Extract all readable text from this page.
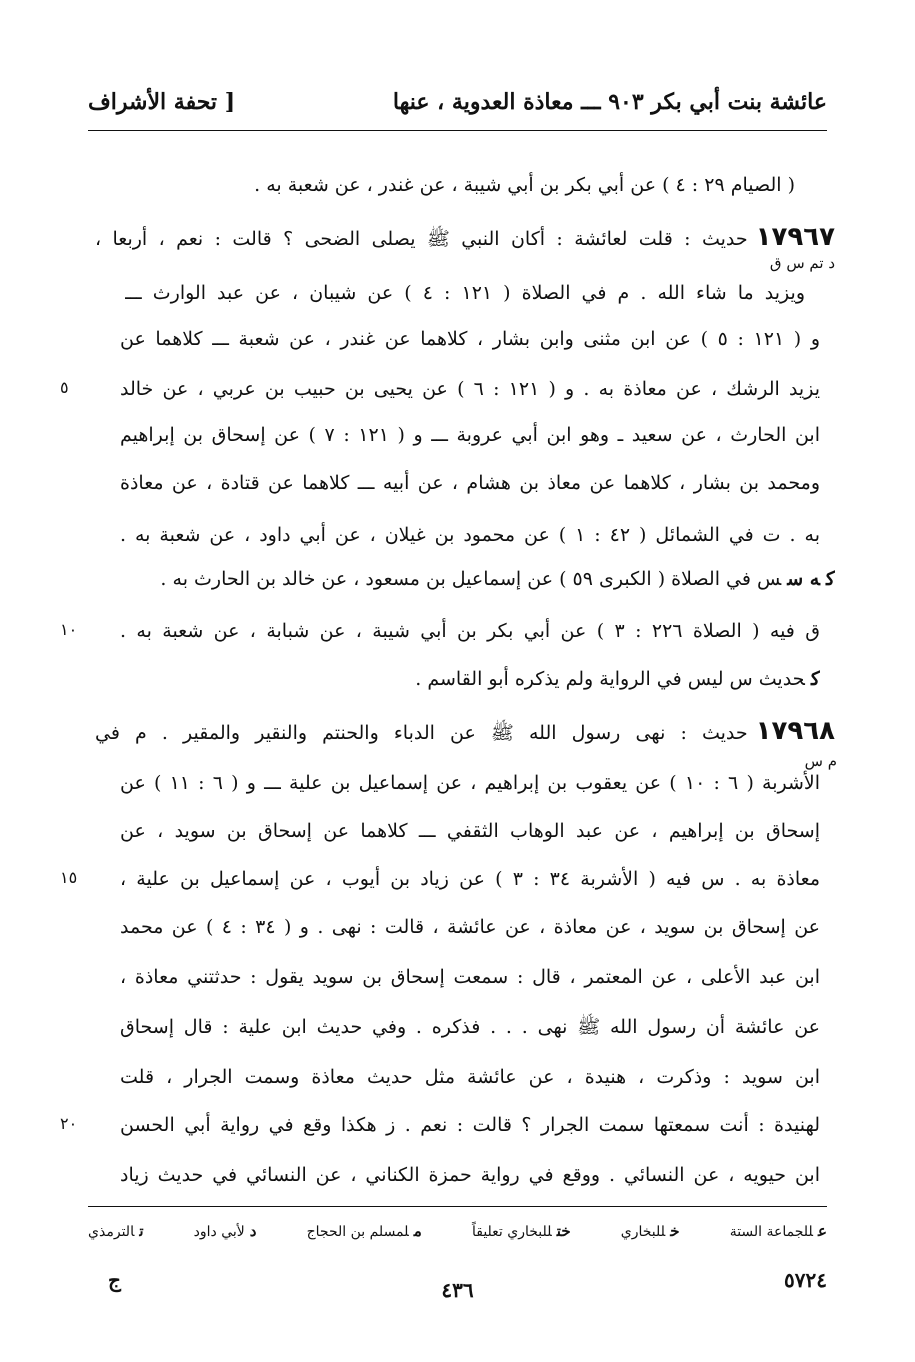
عائشة بنت أبي بكر ٩٠٣ ـــ معاذة العدوية ، عنها
[ تحفة الأشراف
( الصيام ٢٩ : ٤ ) عن أبي بكر بن أبي شيبة ، عن غندر ، عن شعبة به .
١٧٩٦٧حديث : قلت لعائشة : أكان النبي ﷺ يصلى الضحى ؟ قالت : نعم ، أربعا ،
د تم س ق
ويزيد ما شاء الله . م في الصلاة ( ١٢١ : ٤ ) عن شيبان ، عن عبد الوارث ـــ
و ( ١٢١ : ٥ ) عن ابن مثنى وابن بشار ، كلاهما عن غندر ، عن شعبة ـــ كلاهما عن
يزيد الرشك ، عن معاذة به . و ( ١٢١ : ٦ ) عن يحيى بن حبيب بن عربي ، عن خالد
٥
ابن الحارث ، عن سعيد ـ وهو ابن أبي عروبة ـــ و ( ١٢١ : ٧ ) عن إسحاق بن إبراهيم
ومحمد بن بشار ، كلاهما عن معاذ بن هشام ، عن أبيه ـــ كلاهما عن قتادة ، عن معاذة
به . ت في الشمائل ( ٤٢ : ١ ) عن محمود بن غيلان ، عن أبي داود ، عن شعبة به .
كه سس في الصلاة ( الكبرى ٥٩ ) عن إسماعيل بن مسعود ، عن خالد بن الحارث به .
ق فيه ( الصلاة ٢٢٦ : ٣ ) عن أبي بكر بن أبي شيبة ، عن شبابة ، عن شعبة به .
١٠
كحديث س ليس في الرواية ولم يذكره أبو القاسم .
١٧٩٦٨حديث : نهى رسول الله ﷺ عن الدباء والحنتم والنقير والمقير . م في
م س
الأشربة ( ٦ : ١٠ ) عن يعقوب بن إبراهيم ، عن إسماعيل بن علية ـــ و ( ٦ : ١١ ) عن
إسحاق بن إبراهيم ، عن عبد الوهاب الثقفي ـــ كلاهما عن إسحاق بن سويد ، عن
معاذة به . س فيه ( الأشربة ٣٤ : ٣ ) عن زياد بن أيوب ، عن إسماعيل بن علية ،
١٥
عن إسحاق بن سويد ، عن معاذة ، عن عائشة ، قالت : نهى . و ( ٣٤ : ٤ ) عن محمد
ابن عبد الأعلى ، عن المعتمر ، قال : سمعت إسحاق بن سويد يقول : حدثتني معاذة ،
عن عائشة أن رسول الله ﷺ نهى . . . فذكره . وفي حديث ابن علية : قال إسحاق
ابن سويد : وذكرت ، هنيدة ، عن عائشة مثل حديث معاذة وسمت الجرار ، قلت
لهنيدة : أنت سمعتها سمت الجرار ؟ قالت : نعم . ز هكذا وقع في رواية أبي الحسن
٢٠
ابن حيويه ، عن النسائي . ووقع في رواية حمزة الكناني ، عن النسائي في حديث زياد
عللجماعة الستة
خللبخاري
ختللبخاري تعليقاً
ملمسلم بن الحجاج
دلأبي داود
تالترمذي
٥٧٢٤
٤٣٦
ج
